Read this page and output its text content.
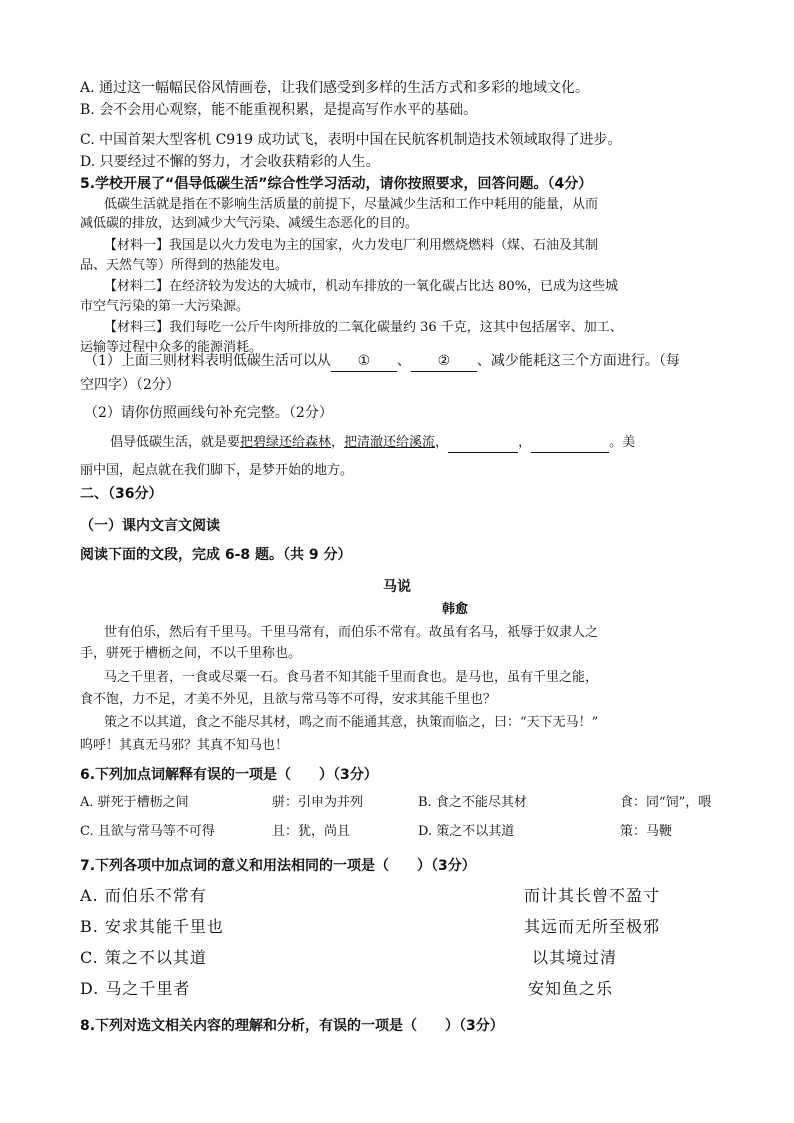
A. 通过这一幅幅民俗风情画卷，让我们感受到多样的生活方式和多彩的地域文化。
B. 会不会用心观察，能不能重视积累，是提高写作水平的基础。
C. 中国首架大型客机 C919 成功试飞，表明中国在民航客机制造技术领域取得了进步。
D. 只要经过不懈的努力，才会收获精彩的人生。
5.学校开展了“倡导低碳生活”综合性学习活动，请你按照要求，回答问题。（4分）
低碳生活就是指在不影响生活质量的前提下，尽量减少生活和工作中耗用的能量，从而
减低碳的排放，达到减少大气污染、减缓生态恶化的目的。
【材料一】我国是以火力发电为主的国家，火力发电厂利用燃烧燃料（煤、石油及其制
品、天然气等）所得到的热能发电。
【材料二】在经济较为发达的大城市，机动车排放的一氧化碳占比达 80%，已成为这些城
市空气污染的第一大污染源。
【材料三】我们每吃一公斤牛肉所排放的二氧化碳量约 36 千克，这其中包括屠宰、加工、
运输等过程中众多的能源消耗。
（1）上面三则材料表明低碳生活可以从 ① 、 ② 、减少能耗这三个方面进行。（每
空四字）（2分）
（2）请你仿照画线句补充完整。（2分）
倡导低碳生活，就是要把碧绿还给森林，把清澈还给溪流，	，	。美
丽中国，起点就在我们脚下，是梦开始的地方。
二、（36分）
（一）课内文言文阅读
阅读下面的文段，完成 6-8 题。（共 9 分）
马说
韩愈
世有伯乐，然后有千里马。千里马常有，而伯乐不常有。故虽有名马，祇辱于奴隶人之
手，骈死于槽枥之间，不以千里称也。
马之千里者，一食或尽粟一石。食马者不知其能千里而食也。是马也，虽有千里之能，
食不饱，力不足，才美不外见，且欲与常马等不可得，安求其能千里也？
策之不以其道，食之不能尽其材，鸣之而不能通其意，执策而临之，曰：“天下无马！”
呜呼！其真无马邪？其真不知马也！
6.下列加点词解释有误的一项是（　　）（3分）
A. 骈死于槽枥之间	骈：引申为并列	B. 食之不能尽其材	食：同“饲”，喂
C. 且欲与常马等不可得	且：犹，尚且	D. 策之不以其道	策：马鞭
7.下列各项中加点词的意义和用法相同的一项是（　　）（3分）
A. 而伯乐不常有	而计其长曾不盈寸
B. 安求其能千里也	其远而无所至极邪
C. 策之不以其道	以其境过清
D. 马之千里者	安知鱼之乐
8.下列对选文相关内容的理解和分析，有误的一项是（　　）（3分）
